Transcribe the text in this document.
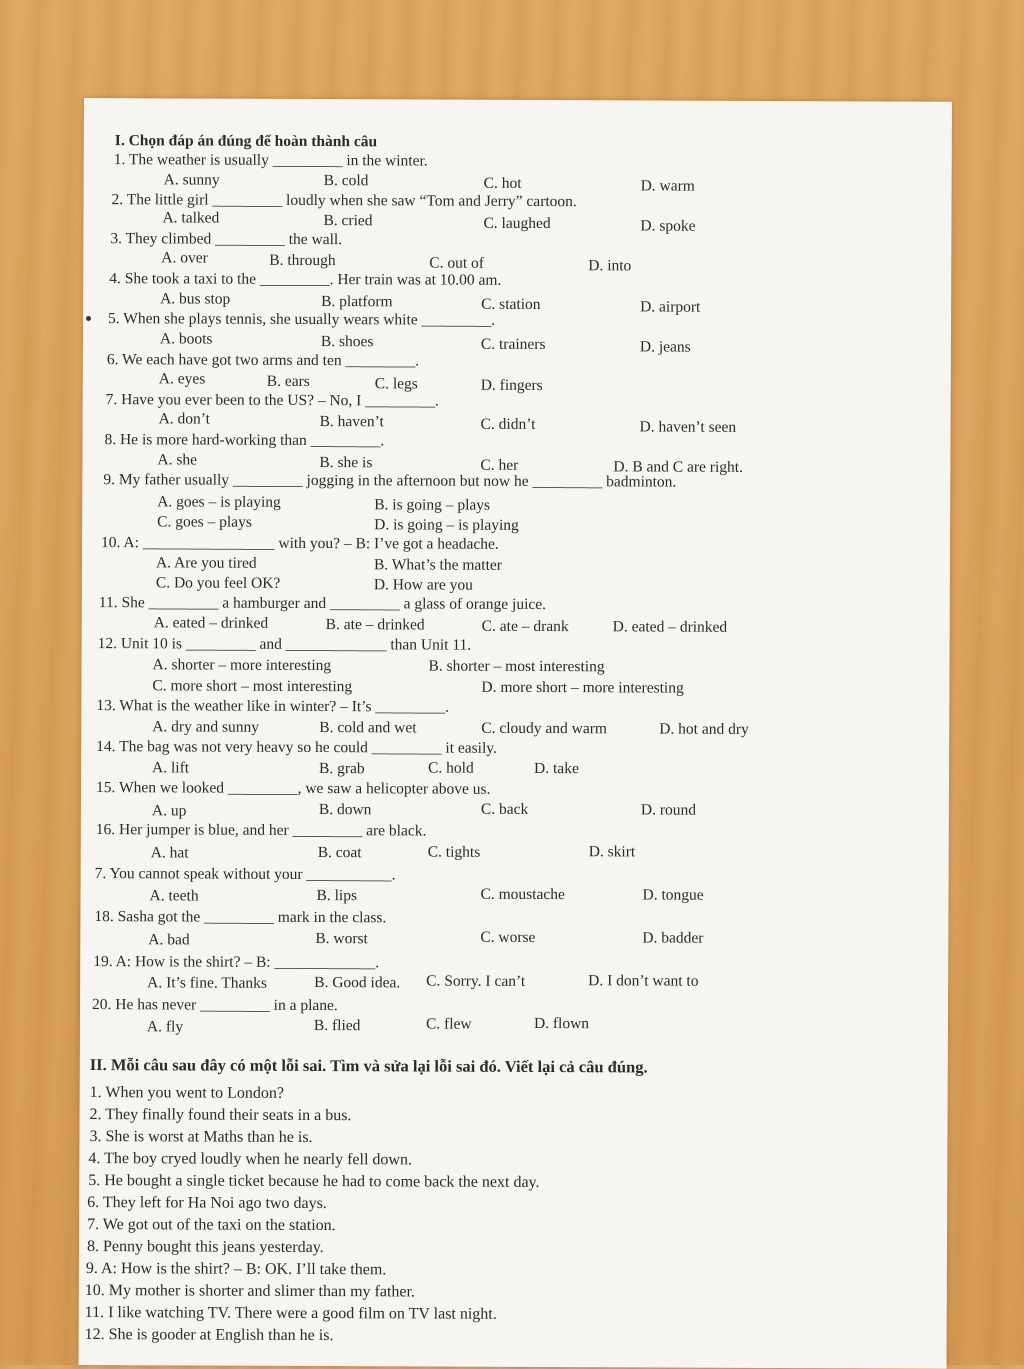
I. Chọn đáp án đúng để hoàn thành câu
1. The weather is usually _________ in the winter.
A. sunny	B. cold	C. hot	D. warm
2. The little girl _________ loudly when she saw “Tom and Jerry” cartoon.
A. talked	B. cried	C. laughed	D. spoke
3. They climbed _________ the wall.
A. over	B. through	C. out of	D. into
4. She took a taxi to the _________. Her train was at 10.00 am.
A. bus stop	B. platform	C. station	D. airport
5. When she plays tennis, she usually wears white _________.
A. boots	B. shoes	C. trainers	D. jeans
6. We each have got two arms and ten _________.
A. eyes	B. ears	C. legs	D. fingers
7. Have you ever been to the US? – No, I _________.
A. don’t	B. haven’t	C. didn’t	D. haven’t seen
8. He is more hard-working than _________.
A. she	B. she is	C. her	D. B and C are right.
9. My father usually _________ jogging in the afternoon but now he _________ badminton.
A. goes – is playing	B. is going – plays
C. goes – plays	D. is going – is playing
10. A: _________________ with you? – B: I’ve got a headache.
A. Are you tired	B. What’s the matter
C. Do you feel OK?	D. How are you
11. She _________ a hamburger and _________ a glass of orange juice.
A. eated – drinked	B. ate – drinked	C. ate – drank	D. eated – drinked
12. Unit 10 is _________ and _____________ than Unit 11.
A. shorter – more interesting	B. shorter – most interesting
C. more short – most interesting	D. more short – more interesting
13. What is the weather like in winter? – It’s _________.
A. dry and sunny	B. cold and wet	C. cloudy and warm	D. hot and dry
14. The bag was not very heavy so he could _________ it easily.
A. lift	B. grab	C. hold	D. take
15. When we looked _________, we saw a helicopter above us.
A. up	B. down	C. back	D. round
16. Her jumper is blue, and her _________ are black.
A. hat	B. coat	C. tights	D. skirt
7. You cannot speak without your ___________.
A. teeth	B. lips	C. moustache	D. tongue
18. Sasha got the _________ mark in the class.
A. bad	B. worst	C. worse	D. badder
19. A: How is the shirt? – B: _____________.
A. It’s fine. Thanks	B. Good idea. C. Sorry. I can’t	D. I don’t want to
20. He has never _________ in a plane.
A. fly	B. flied	C. flew	D. flown
II. Mỗi câu sau đây có một lỗi sai. Tìm và sửa lại lỗi sai đó. Viết lại cả câu đúng.
1. When you went to London?
2. They finally found their seats in a bus.
3. She is worst at Maths than he is.
4. The boy cryed loudly when he nearly fell down.
5. He bought a single ticket because he had to come back the next day.
6. They left for Ha Noi ago two days.
7. We got out of the taxi on the station.
8. Penny bought this jeans yesterday.
9. A: How is the shirt? – B: OK. I’ll take them.
10. My mother is shorter and slimer than my father.
11. I like watching TV. There were a good film on TV last night.
12. She is gooder at English than he is.
